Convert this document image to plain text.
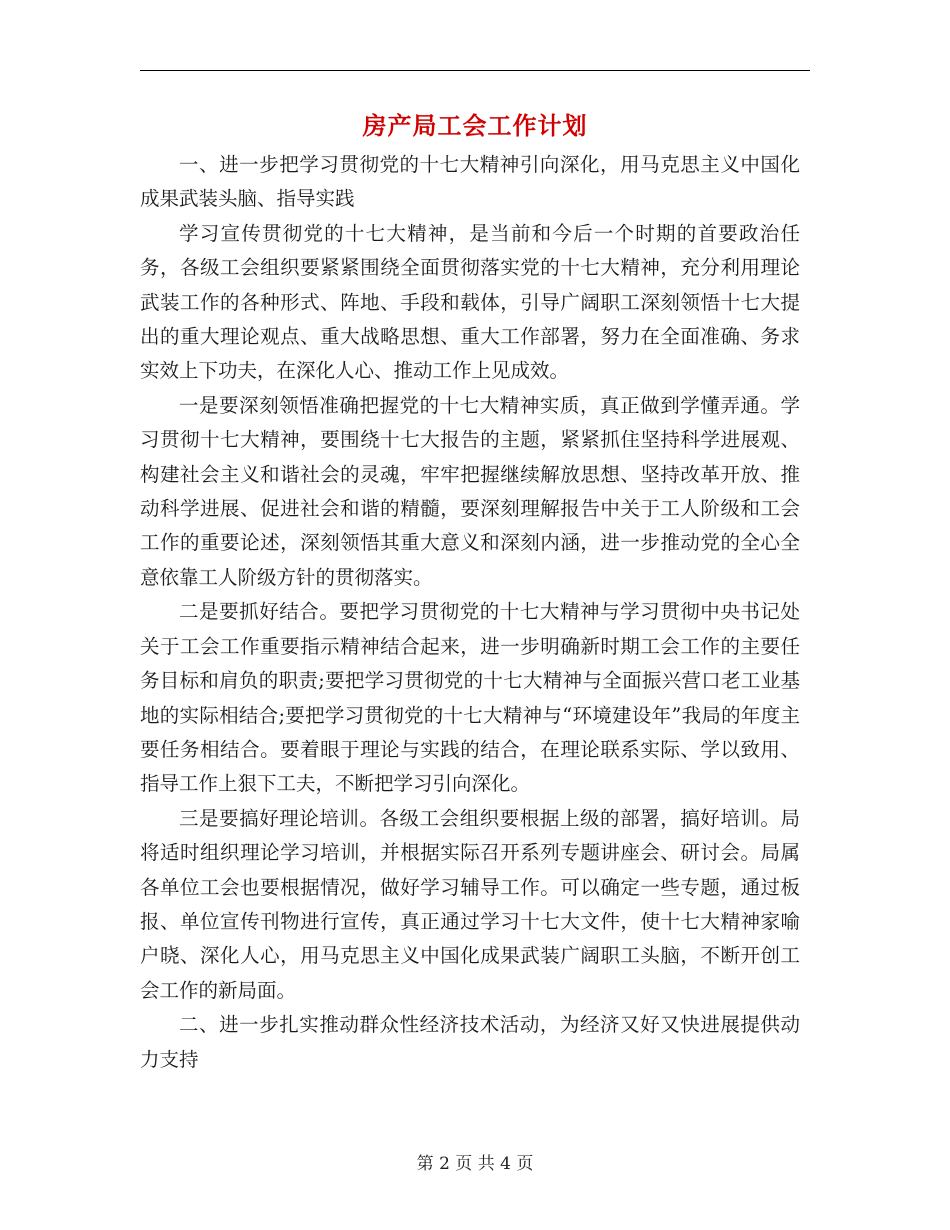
房产局工会工作计划

一、进一步把学习贯彻党的十七大精神引向深化，用马克思主义中国化成果武装头脑、指导实践

学习宣传贯彻党的十七大精神，是当前和今后一个时期的首要政治任务，各级工会组织要紧紧围绕全面贯彻落实党的十七大精神，充分利用理论武装工作的各种形式、阵地、手段和载体，引导广阔职工深刻领悟十七大提出的重大理论观点、重大战略思想、重大工作部署，努力在全面准确、务求实效上下功夫，在深化人心、推动工作上见成效。

一是要深刻领悟准确把握党的十七大精神实质，真正做到学懂弄通。学习贯彻十七大精神，要围绕十七大报告的主题，紧紧抓住坚持科学进展观、构建社会主义和谐社会的灵魂，牢牢把握继续解放思想、坚持改革开放、推动科学进展、促进社会和谐的精髓，要深刻理解报告中关于工人阶级和工会工作的重要论述，深刻领悟其重大意义和深刻内涵，进一步推动党的全心全意依靠工人阶级方针的贯彻落实。

二是要抓好结合。要把学习贯彻党的十七大精神与学习贯彻中央书记处关于工会工作重要指示精神结合起来，进一步明确新时期工会工作的主要任务目标和肩负的职责;要把学习贯彻党的十七大精神与全面振兴营口老工业基地的实际相结合;要把学习贯彻党的十七大精神与“环境建设年”我局的年度主要任务相结合。要着眼于理论与实践的结合，在理论联系实际、学以致用、指导工作上狠下工夫，不断把学习引向深化。

三是要搞好理论培训。各级工会组织要根据上级的部署，搞好培训。局将适时组织理论学习培训，并根据实际召开系列专题讲座会、研讨会。局属各单位工会也要根据情况，做好学习辅导工作。可以确定一些专题，通过板报、单位宣传刊物进行宣传，真正通过学习十七大文件，使十七大精神家喻户晓、深化人心，用马克思主义中国化成果武装广阔职工头脑，不断开创工会工作的新局面。

二、进一步扎实推动群众性经济技术活动，为经济又好又快进展提供动力支持

第 2 页 共 4 页
